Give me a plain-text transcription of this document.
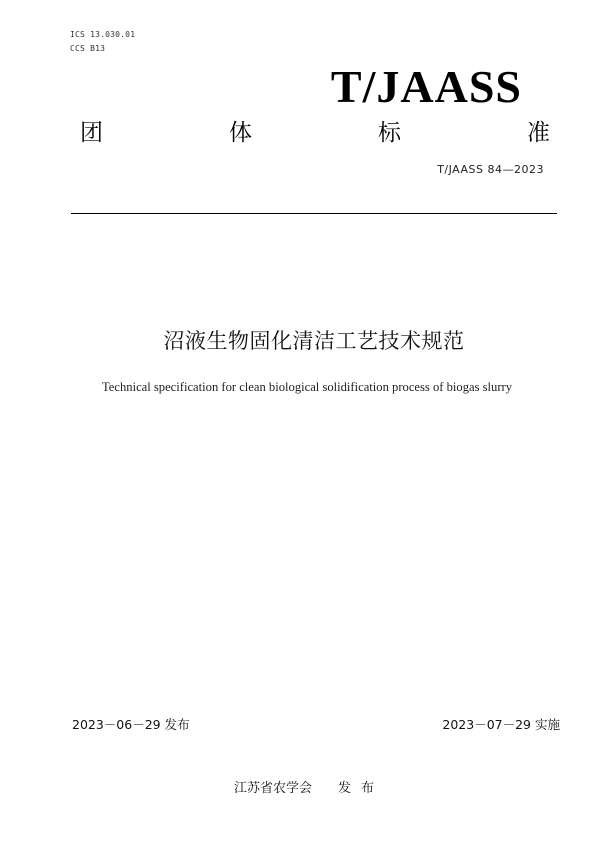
ICS 13.030.01
CCS B13
T/JAASS
团	体	标	准
T/JAASS 84—2023
沼液生物固化清洁工艺技术规范
Technical specification for clean biological solidification process of biogas slurry
2023－06－29 发布	2023－07－29 实施
江苏省农学会 发布
